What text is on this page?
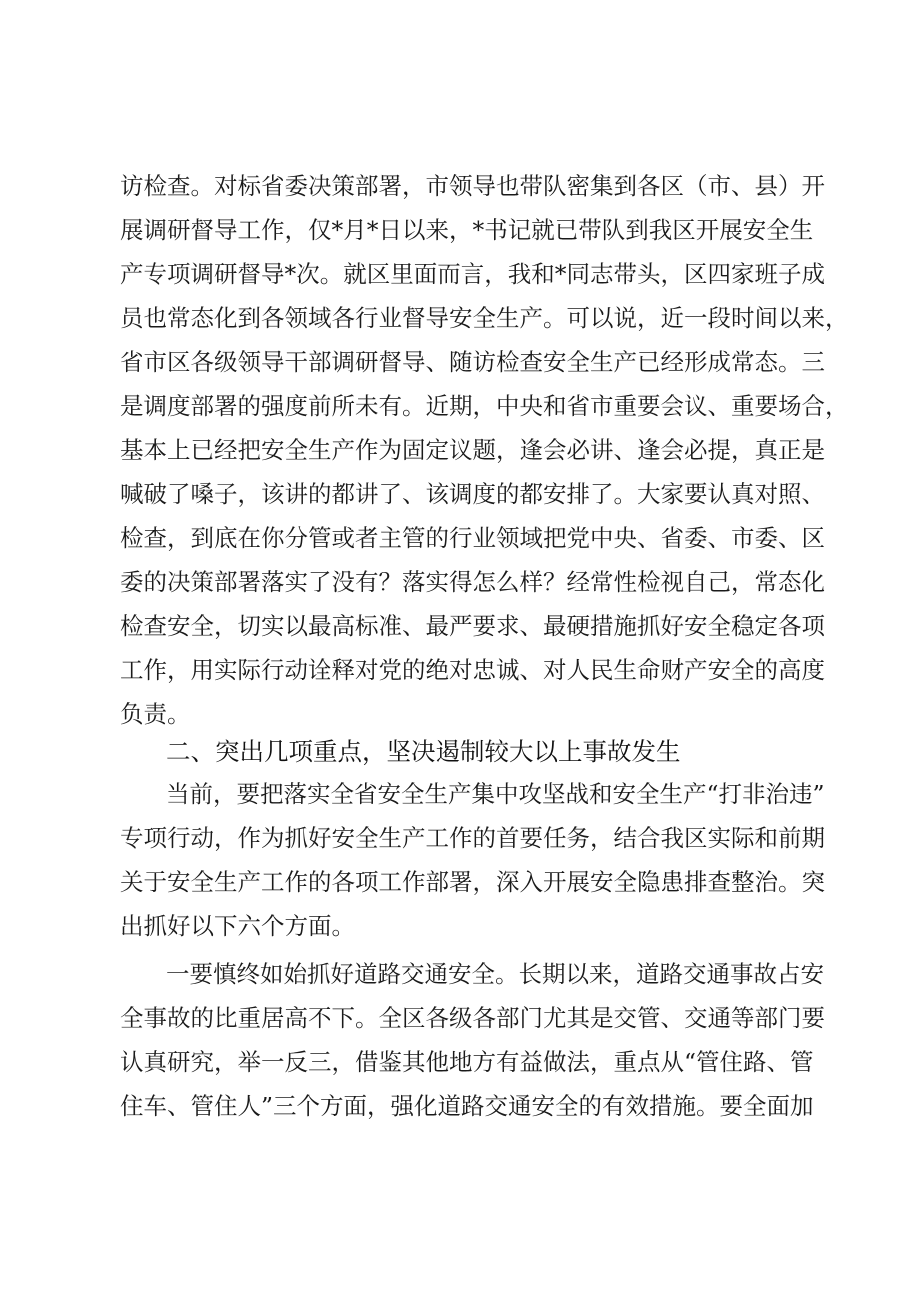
访检查。对标省委决策部署，市领导也带队密集到各区（市、县）开
展调研督导工作，仅*月*日以来，*书记就已带队到我区开展安全生
产专项调研督导*次。就区里面而言，我和*同志带头，区四家班子成
员也常态化到各领域各行业督导安全生产。可以说，近一段时间以来，
省市区各级领导干部调研督导、随访检查安全生产已经形成常态。三
是调度部署的强度前所未有。近期，中央和省市重要会议、重要场合，
基本上已经把安全生产作为固定议题，逢会必讲、逢会必提，真正是
喊破了嗓子，该讲的都讲了、该调度的都安排了。大家要认真对照、
检查，到底在你分管或者主管的行业领域把党中央、省委、市委、区
委的决策部署落实了没有？落实得怎么样？经常性检视自己，常态化
检查安全，切实以最高标准、最严要求、最硬措施抓好安全稳定各项
工作，用实际行动诠释对党的绝对忠诚、对人民生命财产安全的高度
负责。
二、突出几项重点，坚决遏制较大以上事故发生
当前，要把落实全省安全生产集中攻坚战和安全生产“打非治违”
专项行动，作为抓好安全生产工作的首要任务，结合我区实际和前期
关于安全生产工作的各项工作部署，深入开展安全隐患排查整治。突
出抓好以下六个方面。
一要慎终如始抓好道路交通安全。长期以来，道路交通事故占安
全事故的比重居高不下。全区各级各部门尤其是交管、交通等部门要
认真研究，举一反三，借鉴其他地方有益做法，重点从“管住路、管
住车、管住人”三个方面，强化道路交通安全的有效措施。要全面加
